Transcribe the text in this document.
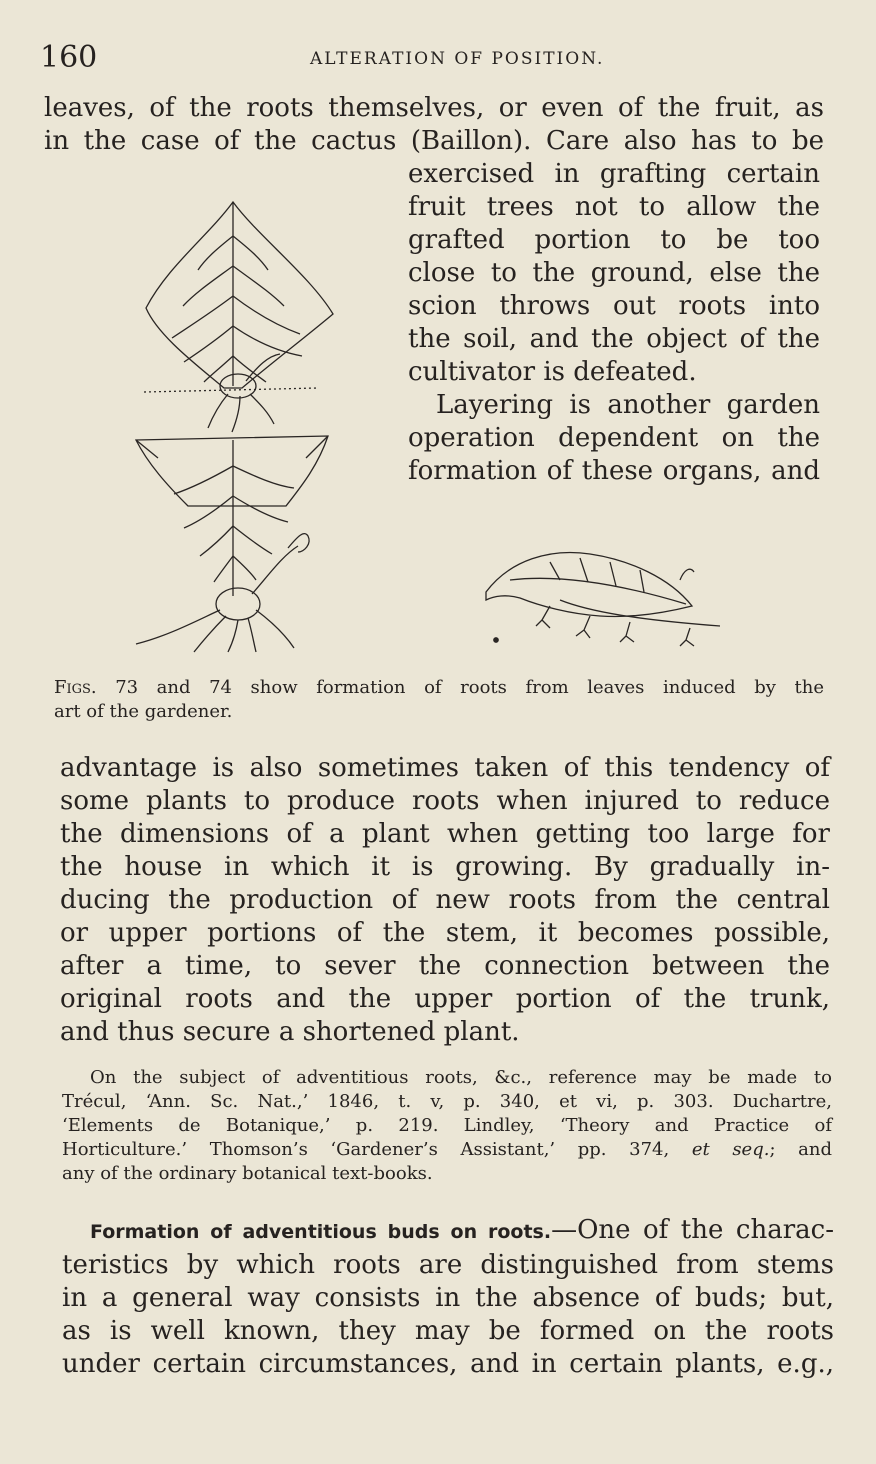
160	ALTERATION OF POSITION.
leaves, of the roots themselves, or even of the fruit, as
in the case of the cactus (Baillon). Care also has to be
exercised in grafting certain
fruit trees not to allow the
grafted portion to be too
close to the ground, else the
scion throws out roots into
the soil, and the object of the
cultivator is defeated.
Layering is another garden
operation dependent on the
formation of these organs, and
Figs. 73 and 74 show formation of roots from leaves induced by the
art of the gardener.
advantage is also sometimes taken of this tendency of
some plants to produce roots when injured to reduce
the dimensions of a plant when getting too large for
the house in which it is growing. By gradually in-
ducing the production of new roots from the central
or upper portions of the stem, it becomes possible,
after a time, to sever the connection between the
original roots and the upper portion of the trunk,
and thus secure a shortened plant.
On the subject of adventitious roots, &c., reference may be made to
Trécul, ‘Ann. Sc. Nat.,’ 1846, t. v, p. 340, et vi, p. 303. Duchartre,
‘Elements de Botanique,’ p. 219. Lindley, ‘Theory and Practice of
Horticulture.’ Thomson’s ‘Gardener’s Assistant,’ pp. 374, et seq.; and
any of the ordinary botanical text-books.
Formation of adventitious buds on roots.—One of the charac-
teristics by which roots are distinguished from stems
in a general way consists in the absence of buds; but,
as is well known, they may be formed on the roots
under certain circumstances, and in certain plants, e.g.,
